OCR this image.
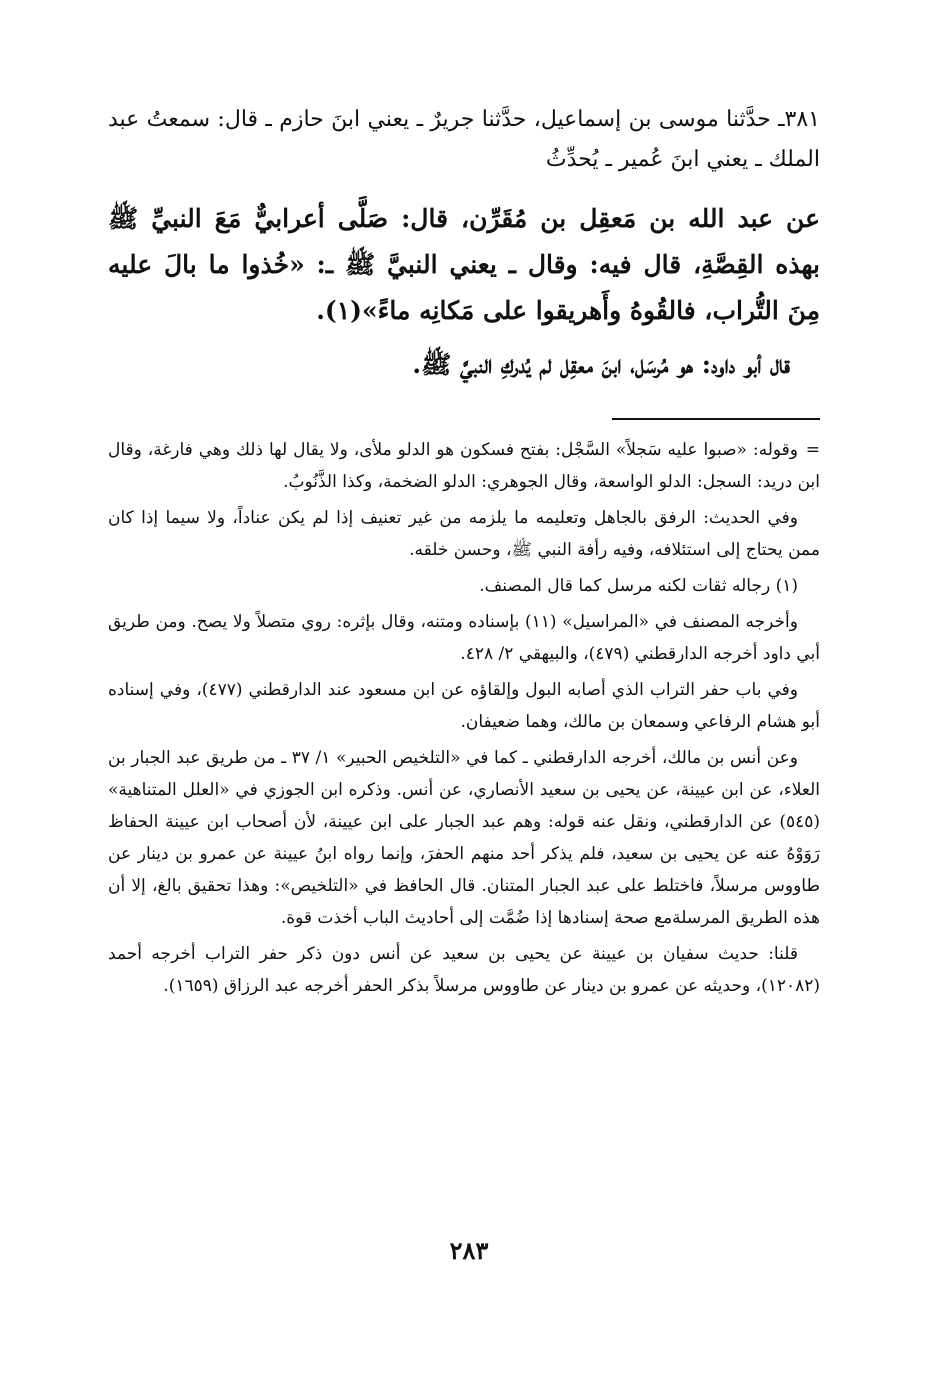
٣٨١ـ حدَّثنا موسى بن إسماعيل، حدَّثنا جريرٌ ـ يعني ابنَ حازم ـ قال: سمعتُ عبد الملك ـ يعني ابنَ عُمير ـ يُحدِّثُ

عن عبد الله بن مَعقِل بن مُقَرِّن، قال: صَلَّى أعرابيٌّ مَعَ النبيِّ ﷺ بهذه القِصَّةِ، قال فيه: وقال ـ يعني النبيَّ ﷺ ـ: «خُذوا ما بالَ عليه مِنَ التُّراب، فالقُوهُ وأَهريقوا على مَكانِه ماءً»(١).

قال أبو داود: هو مُرسَل، ابنَ معقِل لم يُدركِ النبيَّ ﷺ.

=وقوله: «صبوا عليه سَجلاً» السَّجْل: بفتح فسكون هو الدلو ملأى، ولا يقال لها ذلك وهي فارغة، وقال ابن دريد: السجل: الدلو الواسعة، وقال الجوهري: الدلو الضخمة، وكذا الذَّنُوبُ.

وفي الحديث: الرفق بالجاهل وتعليمه ما يلزمه من غير تعنيف إذا لم يكن عناداً، ولا سيما إذا كان ممن يحتاج إلى استئلافه، وفيه رأفة النبي ﷺ، وحسن خلقه.

(١) رجاله ثقات لكنه مرسل كما قال المصنف.

وأخرجه المصنف في «المراسيل» (١١) بإسناده ومتنه، وقال بإثره: روي متصلاً ولا يصح. ومن طريق أبي داود أخرجه الدارقطني (٤٧٩)، والبيهقي ٢/ ٤٢٨.

وفي باب حفر التراب الذي أصابه البول وإلقاؤه عن ابن مسعود عند الدارقطني (٤٧٧)، وفي إسناده أبو هشام الرفاعي وسمعان بن مالك، وهما ضعيفان.

وعن أنس بن مالك، أخرجه الدارقطني ـ كما في «التلخيص الحبير» ١/ ٣٧ ـ من طريق عبد الجبار بن العلاء، عن ابن عيينة، عن يحيى بن سعيد الأنصاري، عن أنس. وذكره ابن الجوزي في «العلل المتناهية» (٥٤٥) عن الدارقطني، ونقل عنه قوله: وهم عبد الجبار على ابن عيينة، لأن أصحاب ابن عيينة الحفاظ رَوَوْهُ عنه عن يحيى بن سعيد، فلم يذكر أحد منهم الحفرَ، وإنما رواه ابنُ عيينة عن عمرو بن دينار عن طاووس مرسلاً، فاختلط على عبد الجبار المتنان. قال الحافظ في «التلخيص»: وهذا تحقيق بالغ، إلا أن هذه الطريق المرسلةمع صحة إسنادها إذا ضُمَّت إلى أحاديث الباب أخذت قوة.

قلنا: حديث سفيان بن عيينة عن يحيى بن سعيد عن أنس دون ذكر حفر التراب أخرجه أحمد (١٢٠٨٢)، وحديثه عن عمرو بن دينار عن طاووس مرسلاً بذكر الحفر أخرجه عبد الرزاق (١٦٥٩).

٢٨٣
